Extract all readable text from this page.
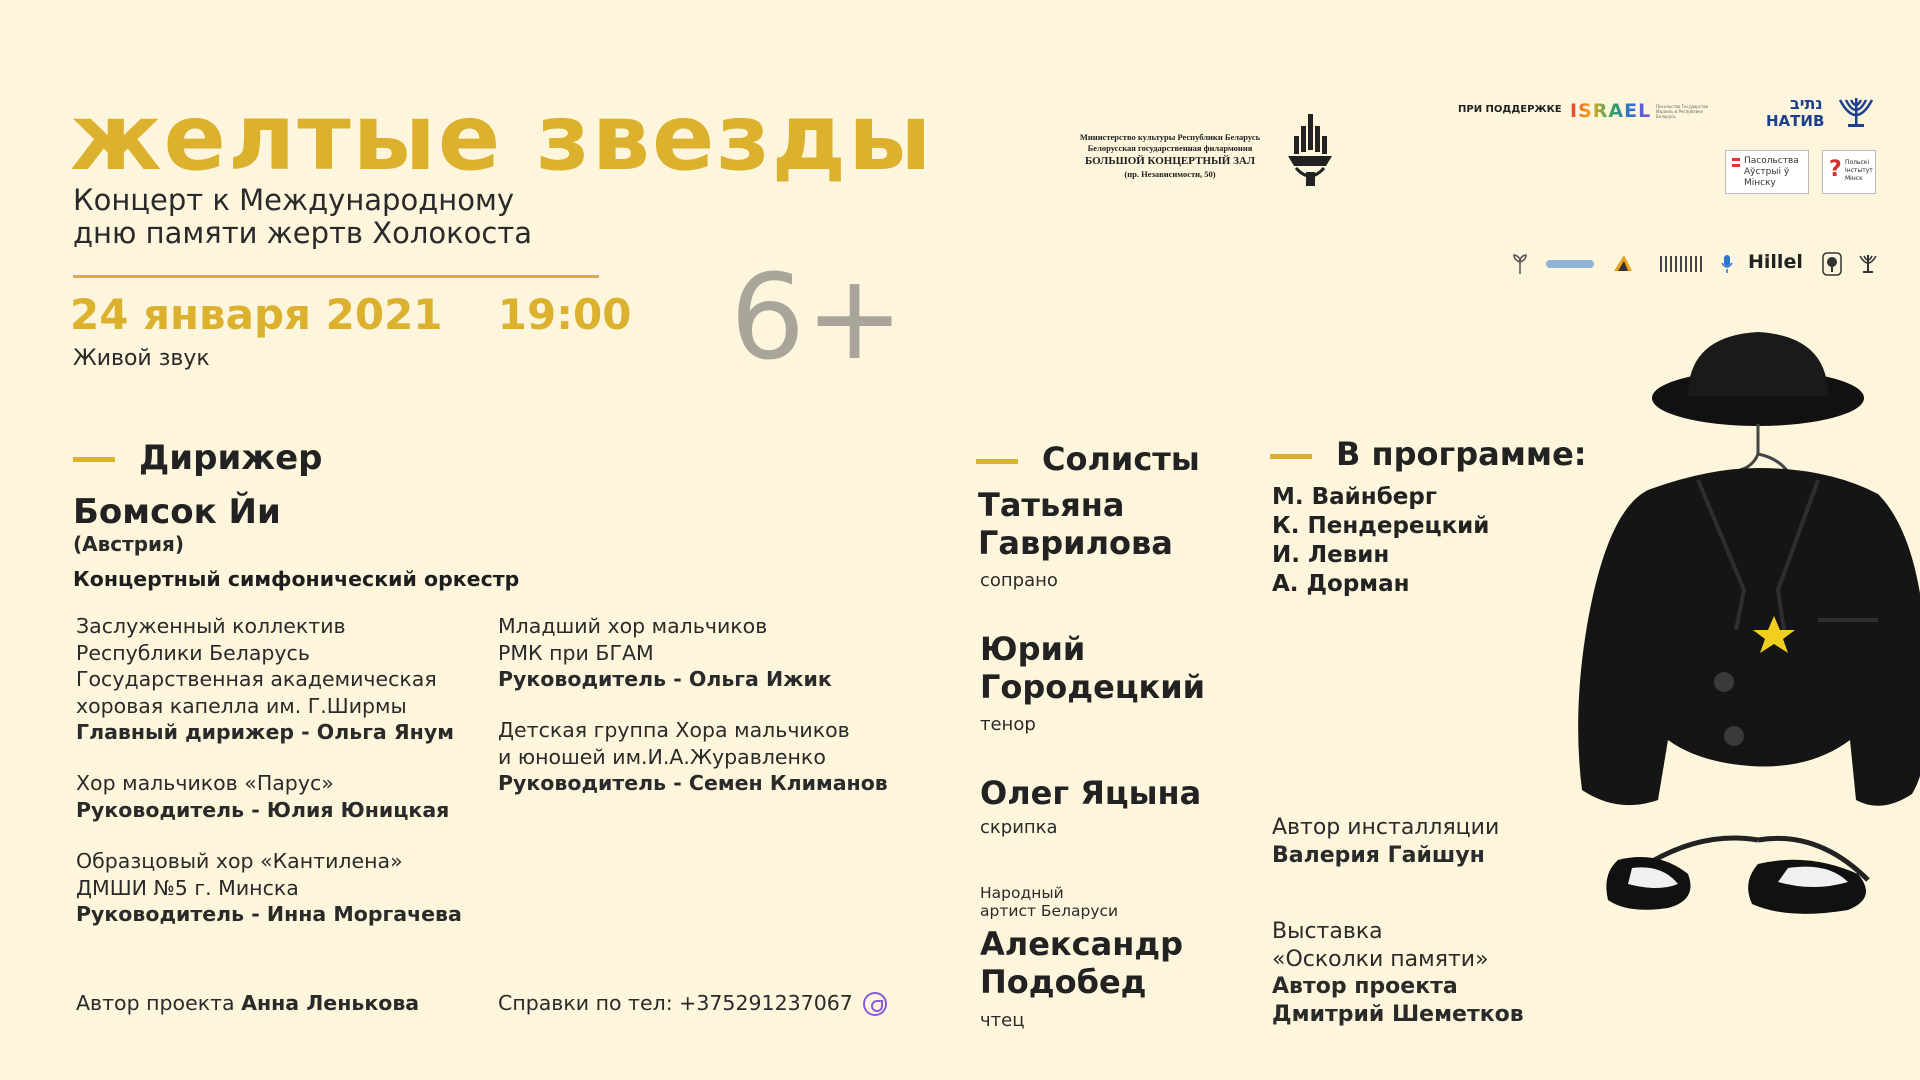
желтые звезды
Концерт к Международному
дню памяти жертв Холокоста
24 января 2021 19:00
Живой звук	6+
Министерство культуры Республики Беларусь
Белорусская государственная филармония
БОЛЬШОЙ КОНЦЕРТНЫЙ ЗАЛ
(пр. Независимости, 50)
ПРИ ПОДДЕРЖКЕ ISRAEL Посольство Государства Израиль в Республике Беларусь
נתיב
НАТИВ
Пасольства
Аўстрыі ў
Мінску
? Польскі
Інстытут
Мінск
Hillel
Дирижер
Бомсок Йи
(Австрия)
Концертный симфонический оркестр
Заслуженный коллектив
Республики Беларусь
Государственная академическая
хоровая капелла им. Г.Ширмы
Главный дирижер - Ольга Янум
Хор мальчиков «Парус»
Руководитель - Юлия Юницкая
Образцовый хор «Кантилена»
ДМШИ №5 г. Минска
Руководитель - Инна Моргачева
Младший хор мальчиков
РМК при БГАМ
Руководитель - Ольга Ижик
Детская группа Хора мальчиков
и юношей им.И.А.Журавленко
Руководитель - Семен Климанов
Автор проекта Анна Ленькова	Справки по тел: +375291237067
Солисты
Татьяна
Гаврилова
сопрано
Юрий
Городецкий
тенор
Олег Яцына
скрипка
Народный
артист Беларуси
Александр
Подобед
чтец
В программе:
М. Вайнберг
К. Пендерецкий
И. Левин
А. Дорман
Автор инсталляции
Валерия Гайшун
Выставка
«Осколки памяти»
Автор проекта
Дмитрий Шеметков
